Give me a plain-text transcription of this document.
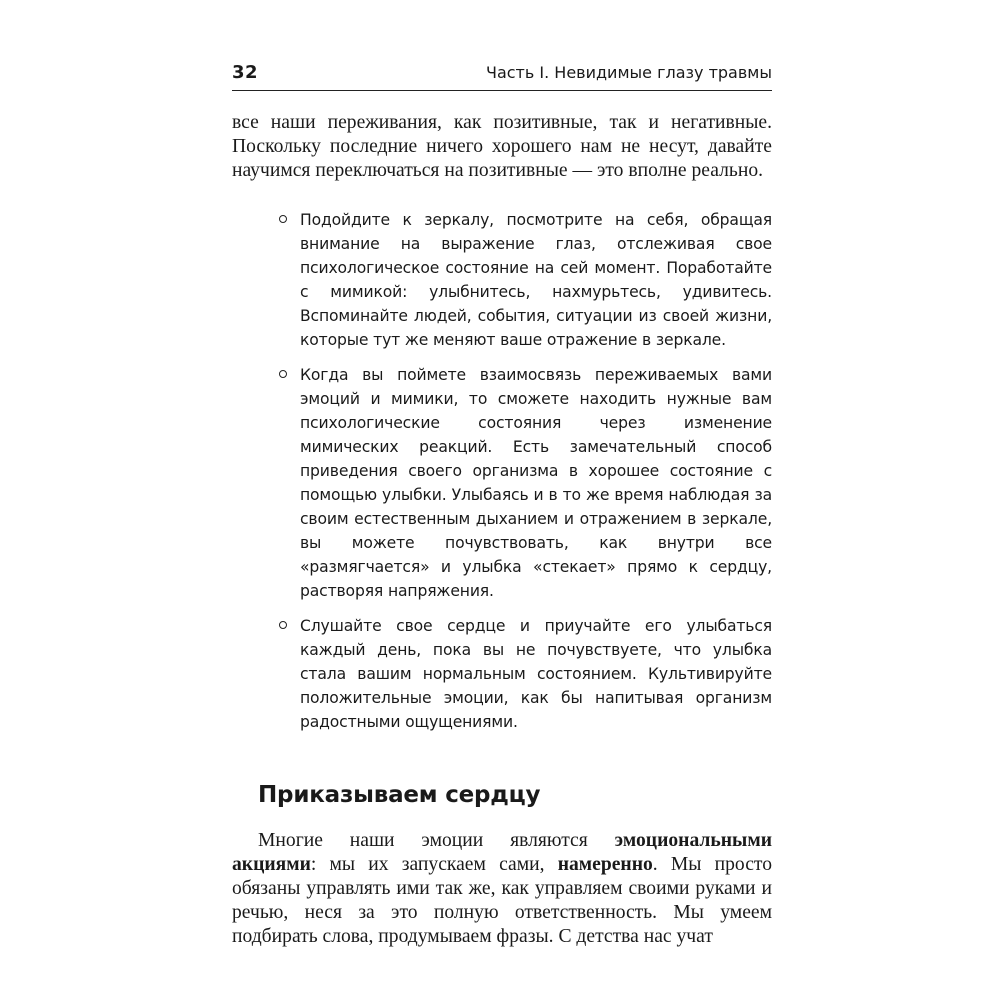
32	Часть I. Невидимые глазу травмы

все наши переживания, как позитивные, так и негативные. Поскольку последние ничего хорошего нам не несут, давайте научимся переключаться на позитивные — это вполне реально.

Подойдите к зеркалу, посмотрите на себя, обращая внимание на выражение глаз, отслеживая свое психологическое состояние на сей момент. Поработайте с мимикой: улыбнитесь, нахмурьтесь, удивитесь. Вспоминайте людей, события, ситуации из своей жизни, которые тут же меняют ваше отражение в зеркале.
Когда вы поймете взаимосвязь переживаемых вами эмоций и мимики, то сможете находить нужные вам психологические состояния через изменение мимических реакций. Есть замечательный способ приведения своего организма в хорошее состояние с помощью улыбки. Улыбаясь и в то же время наблюдая за своим естественным дыханием и отражением в зеркале, вы можете почувствовать, как внутри все «размягчается» и улыбка «стекает» прямо к сердцу, растворяя напряжения.
Слушайте свое сердце и приучайте его улыбаться каждый день, пока вы не почувствуете, что улыбка стала вашим нормальным состоянием. Культивируйте положительные эмоции, как бы напитывая организм радостными ощущениями.
Приказываем сердцу

Многие наши эмоции являются эмоциональными акциями: мы их запускаем сами, намеренно. Мы просто обязаны управлять ими так же, как управляем своими руками и речью, неся за это полную ответственность. Мы умеем подбирать слова, продумываем фразы. С детства нас учат
